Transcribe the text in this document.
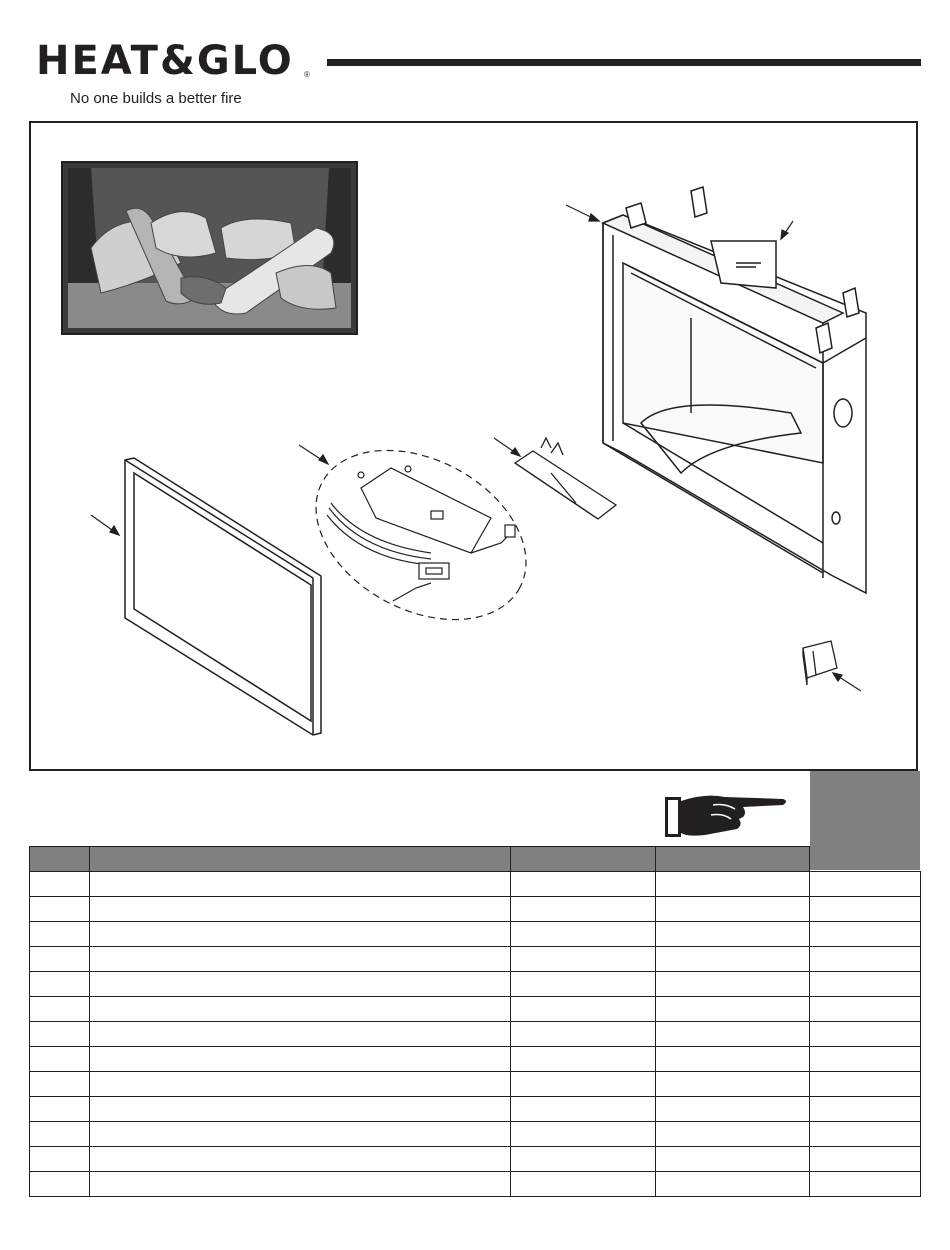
HEAT&GLO ®
No one builds a better fire
